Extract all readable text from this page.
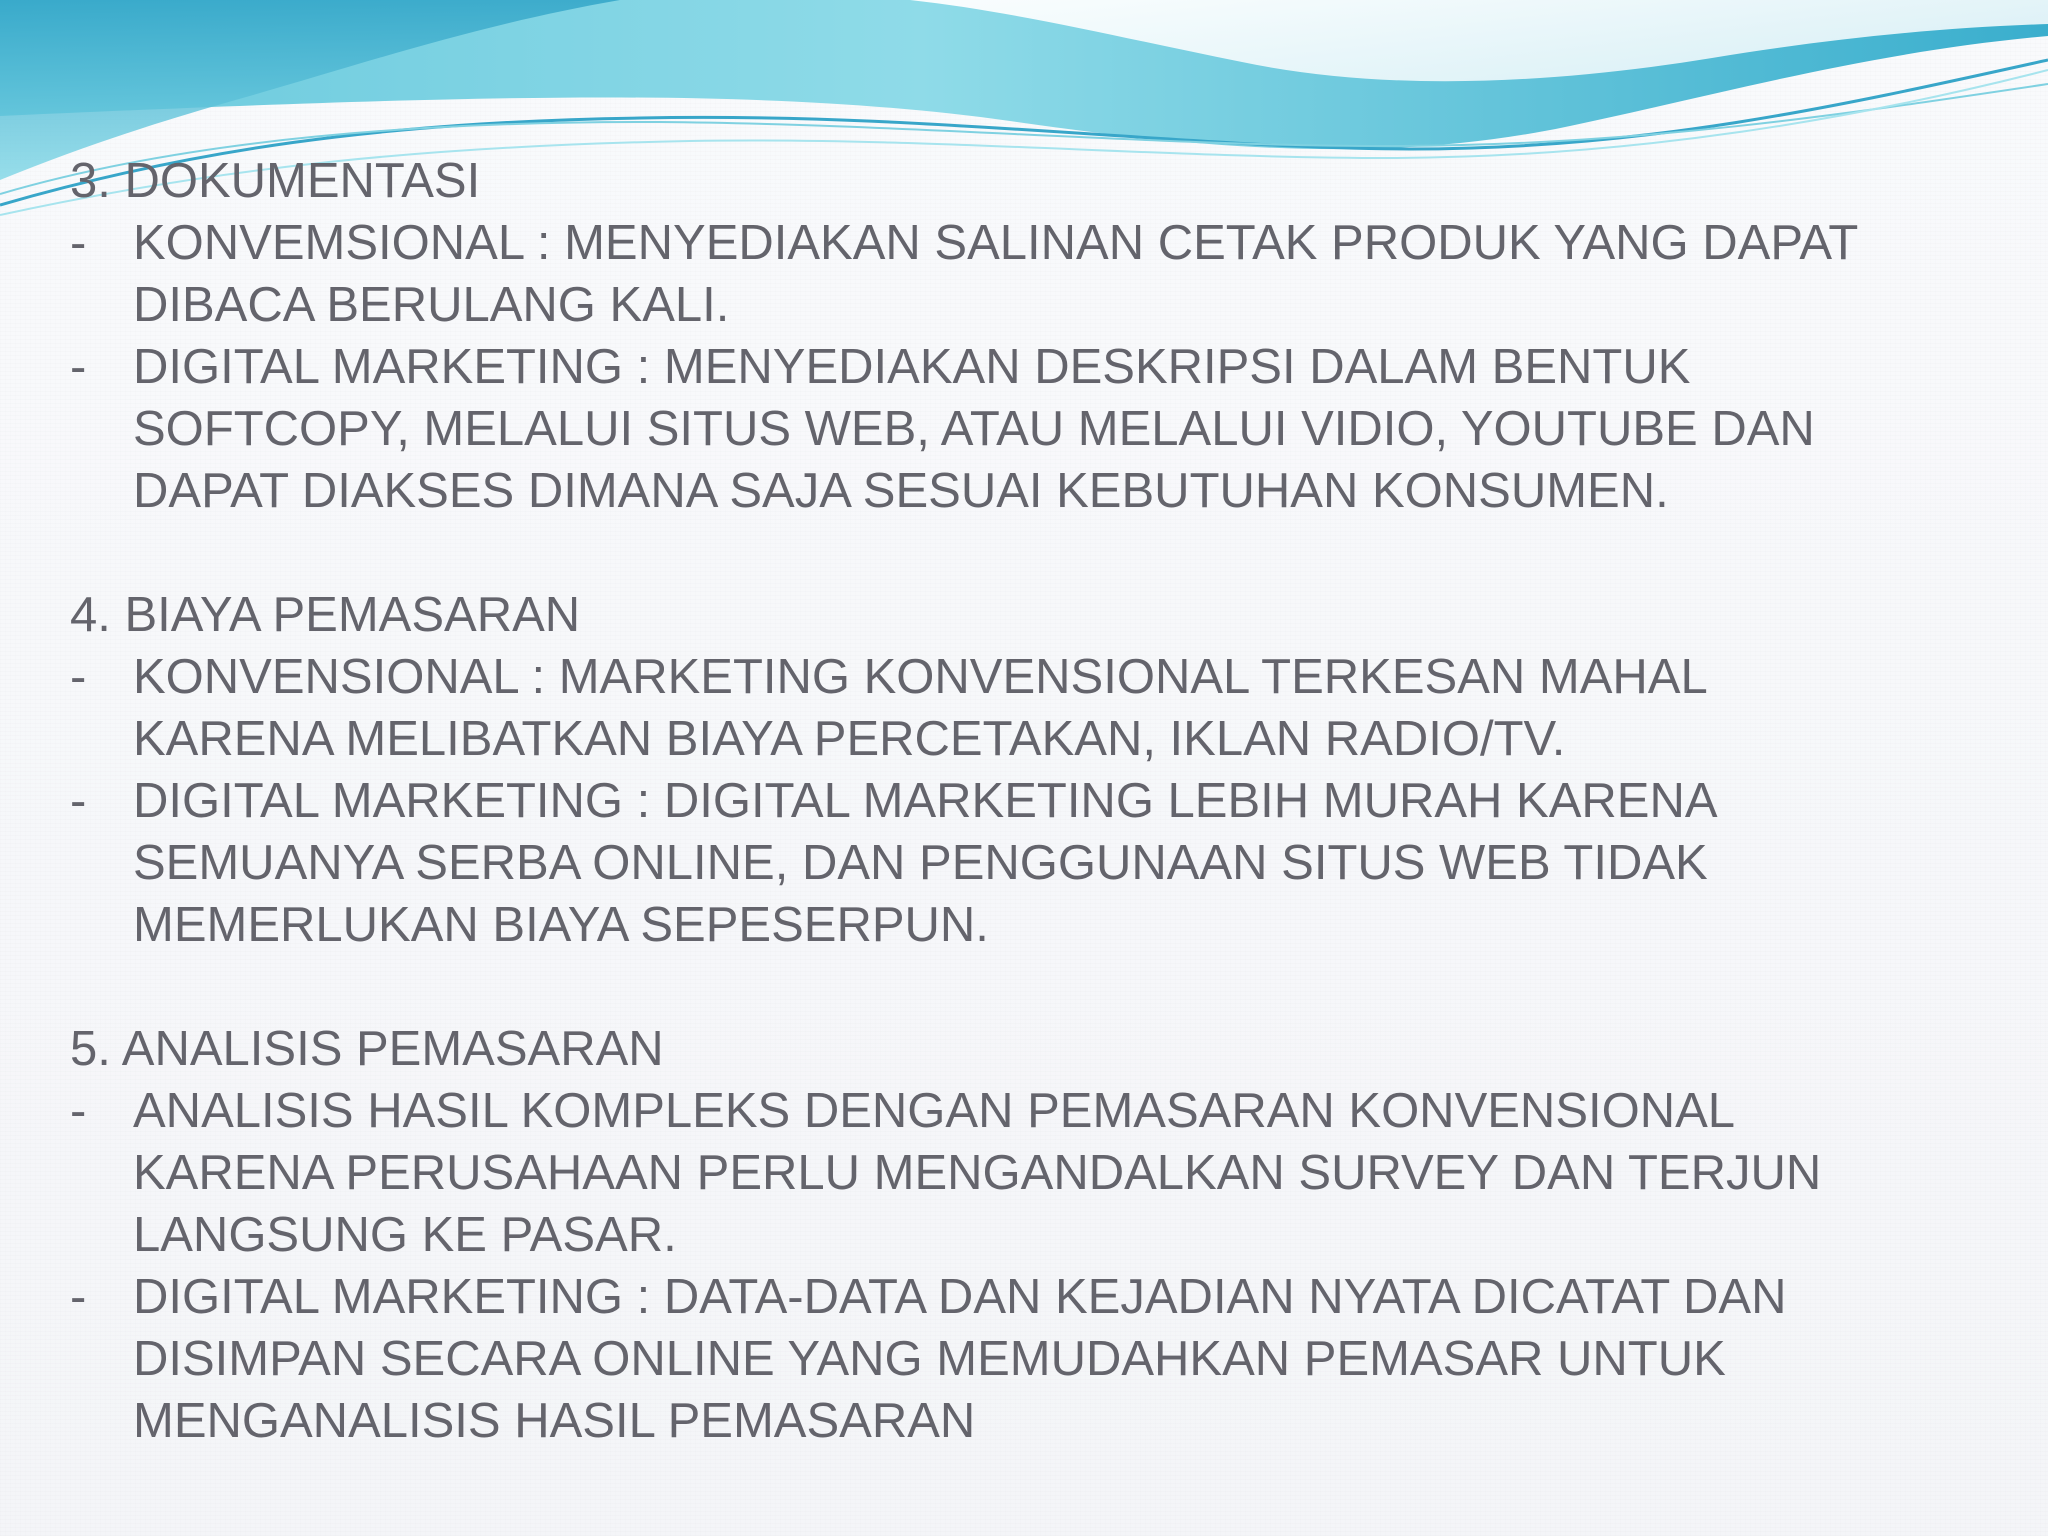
3. DOKUMENTASI
- KONVEMSIONAL : MENYEDIAKAN SALINAN CETAK PRODUK YANG DAPAT
DIBACA BERULANG KALI.
- DIGITAL MARKETING : MENYEDIAKAN DESKRIPSI DALAM BENTUK
SOFTCOPY, MELALUI SITUS WEB, ATAU MELALUI VIDIO, YOUTUBE DAN
DAPAT DIAKSES DIMANA SAJA SESUAI KEBUTUHAN KONSUMEN.
4. BIAYA PEMASARAN
- KONVENSIONAL : MARKETING KONVENSIONAL TERKESAN MAHAL
KARENA MELIBATKAN BIAYA PERCETAKAN, IKLAN RADIO/TV.
- DIGITAL MARKETING : DIGITAL MARKETING LEBIH MURAH KARENA
SEMUANYA SERBA ONLINE, DAN PENGGUNAAN SITUS WEB TIDAK
MEMERLUKAN BIAYA SEPESERPUN.
5. ANALISIS PEMASARAN
- ANALISIS HASIL KOMPLEKS DENGAN PEMASARAN KONVENSIONAL
KARENA PERUSAHAAN PERLU MENGANDALKAN SURVEY DAN TERJUN
LANGSUNG KE PASAR.
- DIGITAL MARKETING : DATA-DATA DAN KEJADIAN NYATA DICATAT DAN
DISIMPAN SECARA ONLINE YANG MEMUDAHKAN PEMASAR UNTUK
MENGANALISIS HASIL PEMASARAN
